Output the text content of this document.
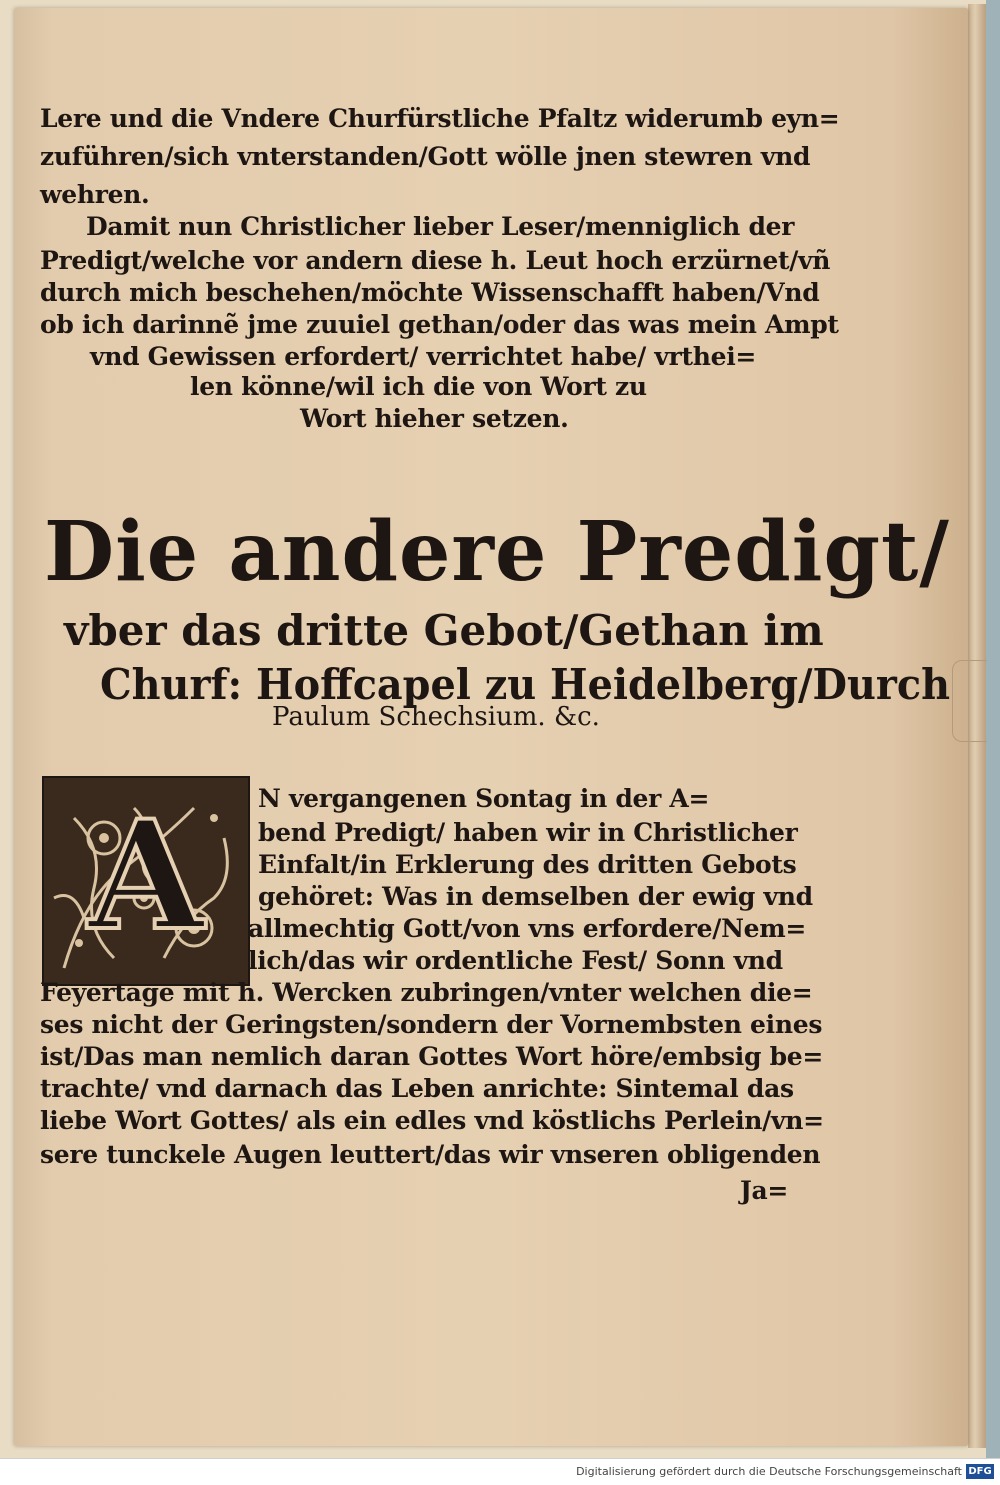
Lere und die Vndere Churfürstliche Pfaltz widerumb eyn=
zuführen/sich vnterstanden/Gott wölle jnen stewren vnd
wehren.
Damit nun Christlicher lieber Leser/menniglich der
Predigt/welche vor andern diese h. Leut hoch erzürnet/vñ
durch mich beschehen/möchte Wissenschafft haben/Vnd
ob ich darinnẽ jme zuuiel gethan/oder das was mein Ampt
vnd Gewissen erfordert/ verrichtet habe/ vrthei=
len könne/wil ich die von Wort zu
Wort hieher setzen.
Die andere Predigt/
vber das dritte Gebot/Gethan im
Churf: Hoffcapel zu Heidelberg/Durch
Paulum Schechsium. &c.
A N vergangenen Sontag in der A=
bend Predigt/ haben wir in Christlicher
Einfalt/in Erklerung des dritten Gebots
gehöret: Was in demselben der ewig vnd
allmechtig Gott/von vns erfordere/Nem=
lich/das wir ordentliche Fest/ Sonn vnd
Feyertage mit h. Wercken zubringen/vnter welchen die=
ses nicht der Geringsten/sondern der Vornembsten eines
ist/Das man nemlich daran Gottes Wort höre/embsig be=
trachte/ vnd darnach das Leben anrichte: Sintemal das
liebe Wort Gottes/ als ein edles vnd köstlichs Perlein/vn=
sere tunckele Augen leuttert/das wir vnseren obligenden
Ja=
Digitalisierung gefördert durch die Deutsche Forschungsgemeinschaft DFG
